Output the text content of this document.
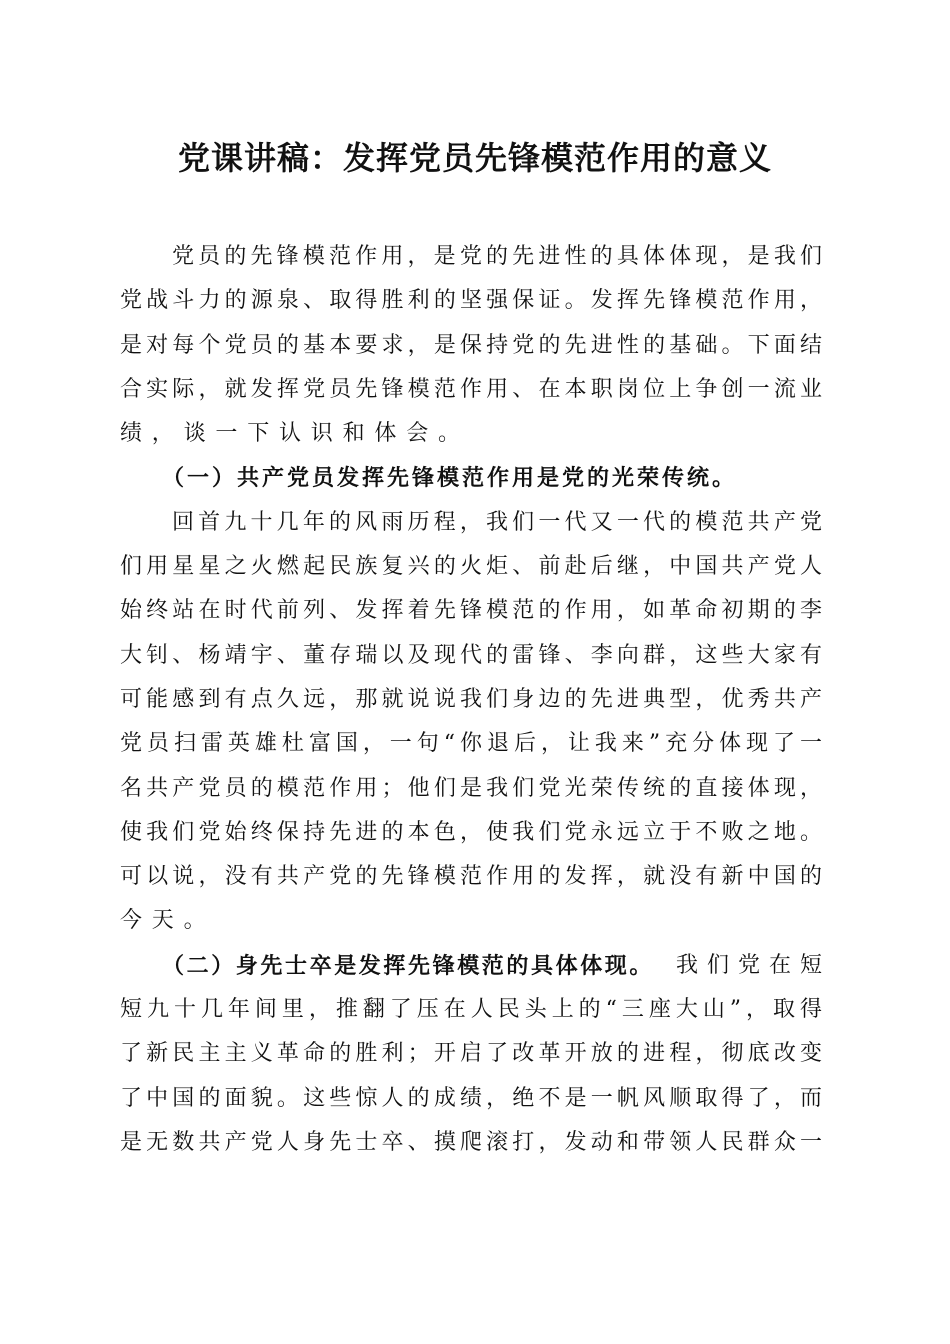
党课讲稿：发挥党员先锋模范作用的意义
党员的先锋模范作用，是党的先进性的具体体现，是我们
党战斗力的源泉、取得胜利的坚强保证。发挥先锋模范作用，
是对每个党员的基本要求，是保持党的先进性的基础。下面结
合实际，就发挥党员先锋模范作用、在本职岗位上争创一流业
绩，谈一下认识和体会。
（一）共产党员发挥先锋模范作用是党的光荣传统。
回首九十几年的风雨历程，我们一代又一代的模范共产党
们用星星之火燃起民族复兴的火炬、前赴后继，中国共产党人
始终站在时代前列、发挥着先锋模范的作用，如革命初期的李
大钊、杨靖宇、董存瑞以及现代的雷锋、李向群，这些大家有
可能感到有点久远，那就说说我们身边的先进典型，优秀共产
党员扫雷英雄杜富国，一句“你退后，让我来”充分体现了一
名共产党员的模范作用；他们是我们党光荣传统的直接体现，
使我们党始终保持先进的本色，使我们党永远立于不败之地。
可以说，没有共产党的先锋模范作用的发挥，就没有新中国的
今天。
（二）身先士卒是发挥先锋模范的具体体现。 我们党在短
短九十几年间里，推翻了压在人民头上的“三座大山”，取得
了新民主主义革命的胜利；开启了改革开放的进程，彻底改变
了中国的面貌。这些惊人的成绩，绝不是一帆风顺取得了，而
是无数共产党人身先士卒、摸爬滚打，发动和带领人民群众一
